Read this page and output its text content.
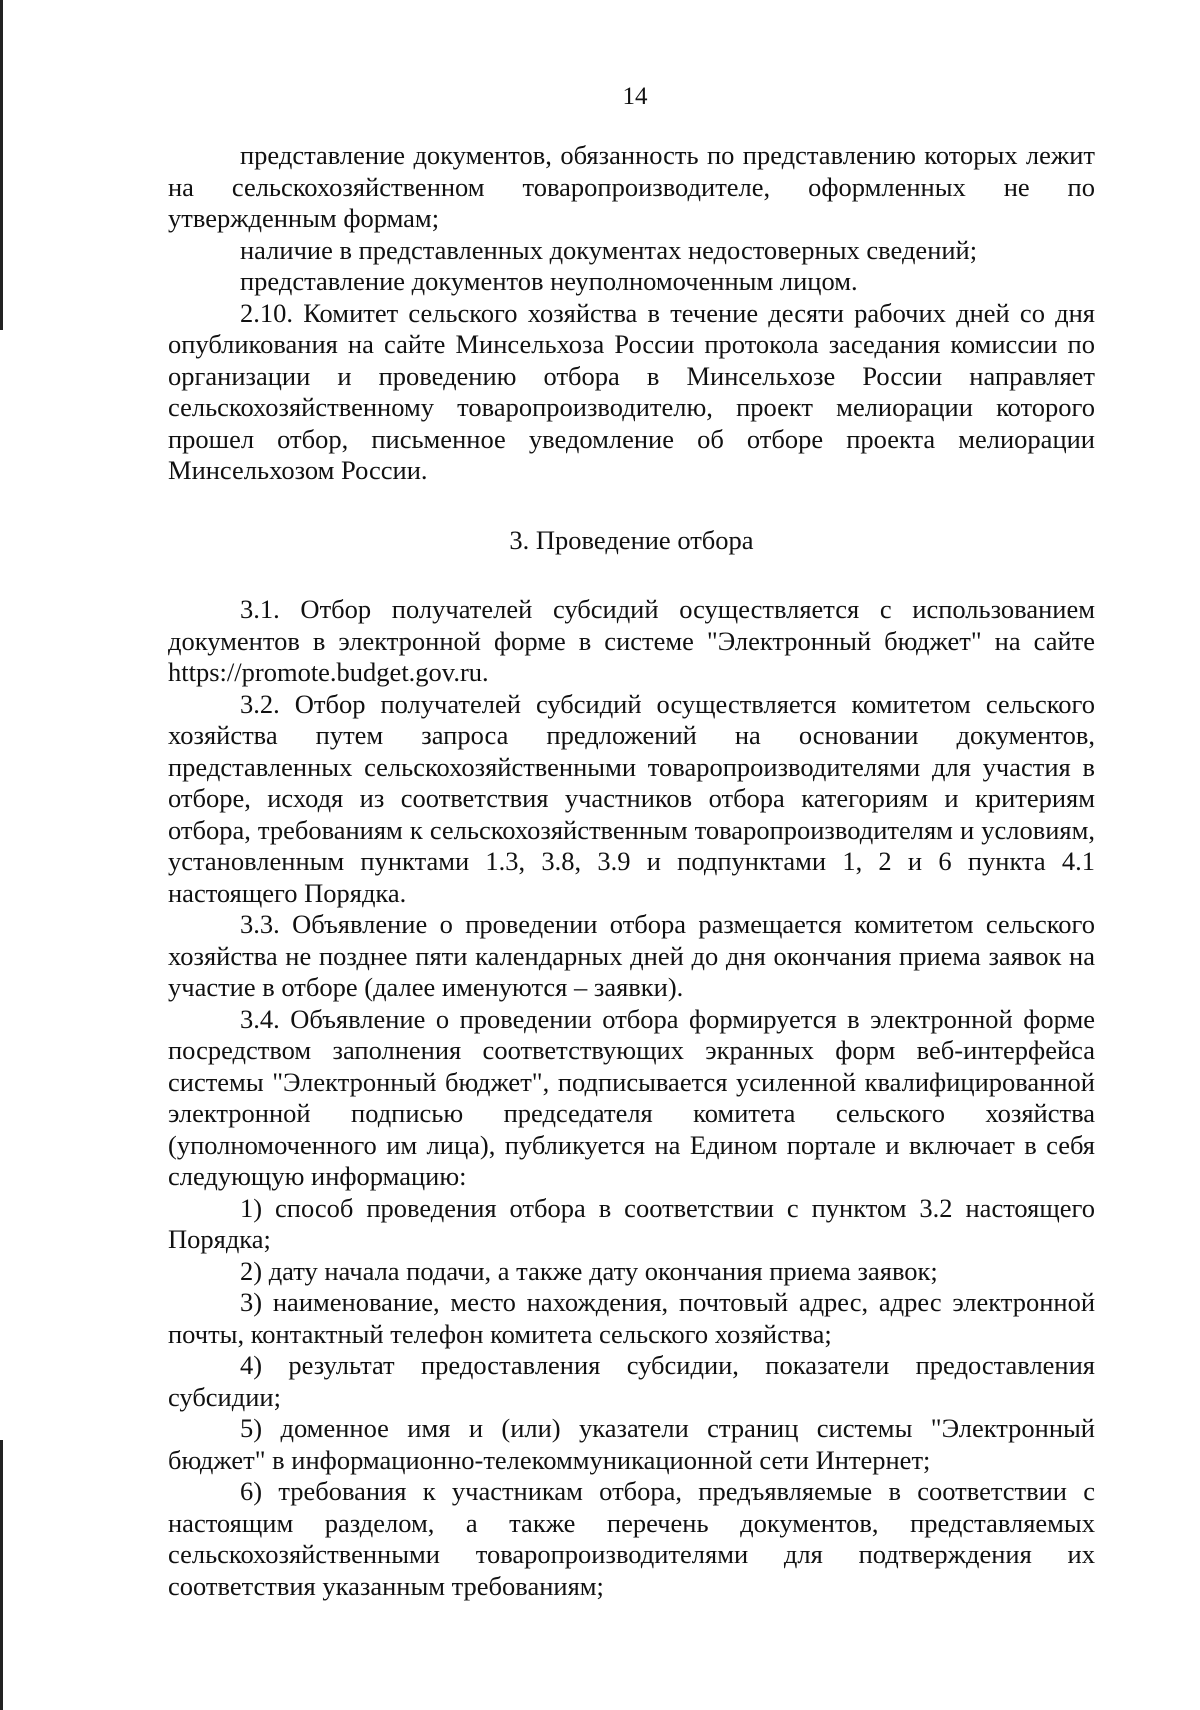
14

представление документов, обязанность по представлению которых лежит на сельскохозяйственном товаропроизводителе, оформленных не по утвержденным формам;

наличие в представленных документах недостоверных сведений;

представление документов неуполномоченным лицом.

2.10. Комитет сельского хозяйства в течение десяти рабочих дней со дня опубликования на сайте Минсельхоза России протокола заседания комиссии по организации и проведению отбора в Минсельхозе России направляет сельскохозяйственному товаропроизводителю, проект мелиорации которого прошел отбор, письменное уведомление об отборе проекта мелиорации Минсельхозом России.

3. Проведение отбора

3.1. Отбор получателей субсидий осуществляется с использованием документов в электронной форме в системе "Электронный бюджет" на сайте https://promote.budget.gov.ru.

3.2. Отбор получателей субсидий осуществляется комитетом сельского хозяйства путем запроса предложений на основании документов, представленных сельскохозяйственными товаропроизводителями для участия в отборе, исходя из соответствия участников отбора категориям и критериям отбора, требованиям к сельскохозяйственным товаропроизводителям и условиям, установленным пунктами 1.3, 3.8, 3.9 и подпунктами 1, 2 и 6 пункта 4.1 настоящего Порядка.

3.3. Объявление о проведении отбора размещается комитетом сельского хозяйства не позднее пяти календарных дней до дня окончания приема заявок на участие в отборе (далее именуются – заявки).

3.4. Объявление о проведении отбора формируется в электронной форме посредством заполнения соответствующих экранных форм веб-интерфейса системы "Электронный бюджет", подписывается усиленной квалифицированной электронной подписью председателя комитета сельского хозяйства (уполномоченного им лица), публикуется на Едином портале и включает в себя следующую информацию:

1) способ проведения отбора в соответствии с пунктом 3.2 настоящего Порядка;

2) дату начала подачи, а также дату окончания приема заявок;

3) наименование, место нахождения, почтовый адрес, адрес электронной почты, контактный телефон комитета сельского хозяйства;

4) результат предоставления субсидии, показатели предоставления субсидии;

5) доменное имя и (или) указатели страниц системы "Электронный бюджет" в информационно-телекоммуникационной сети Интернет;

6) требования к участникам отбора, предъявляемые в соответствии с настоящим разделом, а также перечень документов, представляемых сельскохозяйственными товаропроизводителями для подтверждения их соответствия указанным требованиям;
